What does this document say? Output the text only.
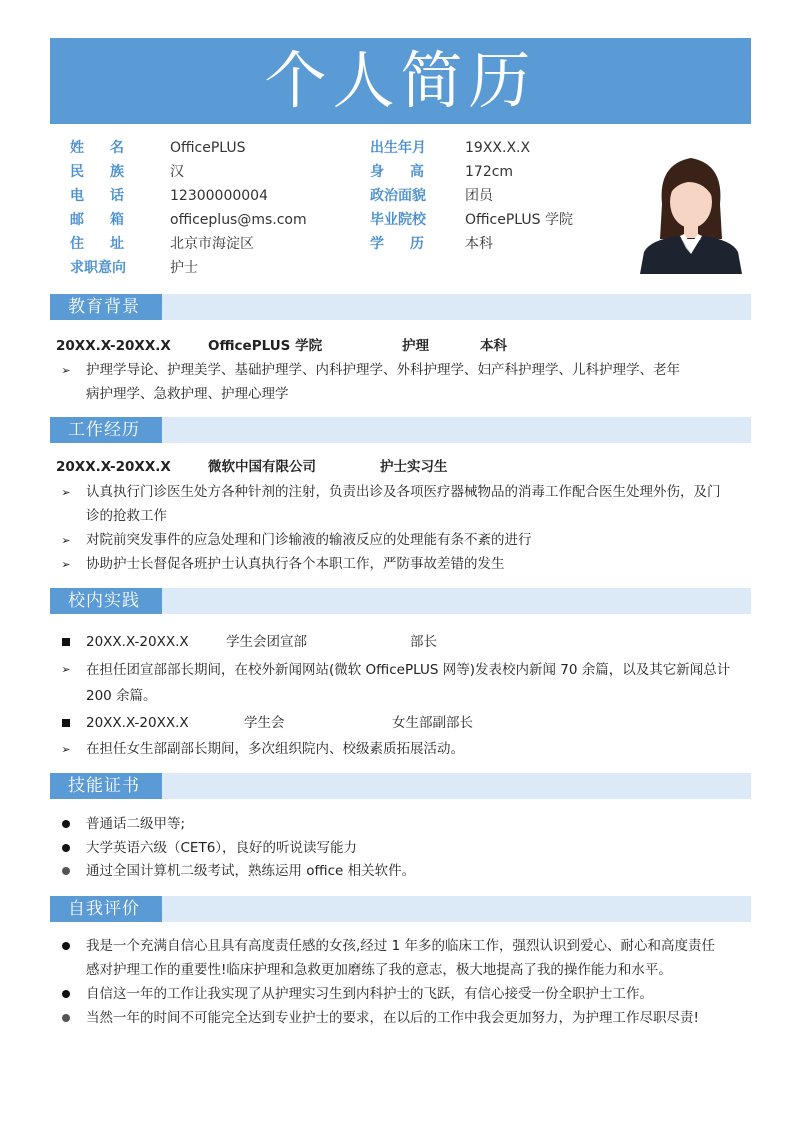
个人简历
姓名 OfficePLUS	出生年月	19XX.X.X
民族 汉	身高 172cm
电话 12300000004	政治面貌	团员
邮箱 officeplus@ms.com	毕业院校	OfficePLUS 学院
住址 北京市海淀区	学历 本科
求职意向	护士
教育背景
20XX.X-20XX.X	OfficePLUS 学院	护理	本科
➢
护理学导论、护理美学、基础护理学、内科护理学、外科护理学、妇产科护理学、儿科护理学、老年
病护理学、急救护理、护理心理学
工作经历
20XX.X-20XX.X	微软中国有限公司	护士实习生
➢
认真执行门诊医生处方各种针剂的注射，负责出诊及各项医疗器械物品的消毒工作配合医生处理外伤，及门
诊的抢救工作
➢
对院前突发事件的应急处理和门诊输液的输液反应的处理能有条不紊的进行
➢
协助护士长督促各班护士认真执行各个本职工作，严防事故差错的发生
校内实践
20XX.X-20XX.X	学生会团宣部	部长
➢
在担任团宣部部长期间，在校外新闻网站(微软 OfficePLUS 网等)发表校内新闻 70 余篇，以及其它新闻总计
200 余篇。
20XX.X-20XX.X	学生会	女生部副部长
➢
在担任女生部副部长期间，多次组织院内、校级素质拓展活动。
技能证书
普通话二级甲等;
大学英语六级（CET6），良好的听说读写能力
通过全国计算机二级考试，熟练运用 office 相关软件。
自我评价
我是一个充满自信心且具有高度责任感的女孩,经过 1 年多的临床工作，强烈认识到爱心、耐心和高度责任
感对护理工作的重要性!临床护理和急救更加磨练了我的意志，极大地提高了我的操作能力和水平。
自信这一年的工作让我实现了从护理实习生到内科护士的飞跃，有信心接受一份全职护士工作。
当然一年的时间不可能完全达到专业护士的要求，在以后的工作中我会更加努力，为护理工作尽职尽责!
